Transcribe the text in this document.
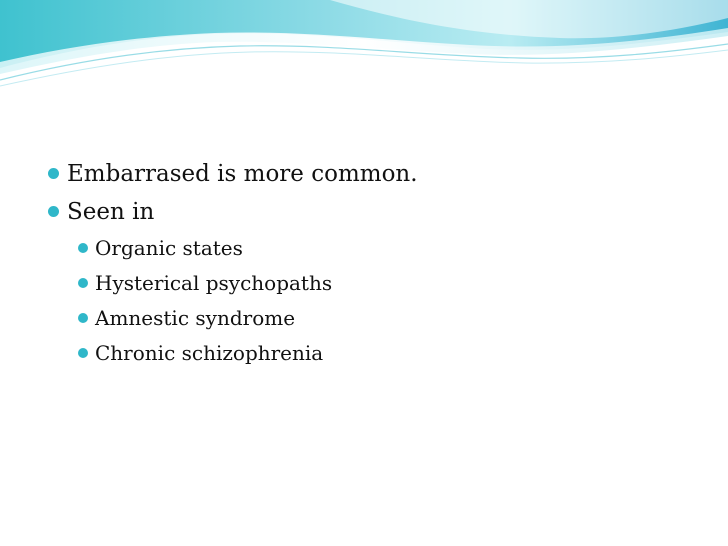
Embarrased is more common.
Seen in
Organic states
Hysterical psychopaths
Amnestic syndrome
Chronic schizophrenia
